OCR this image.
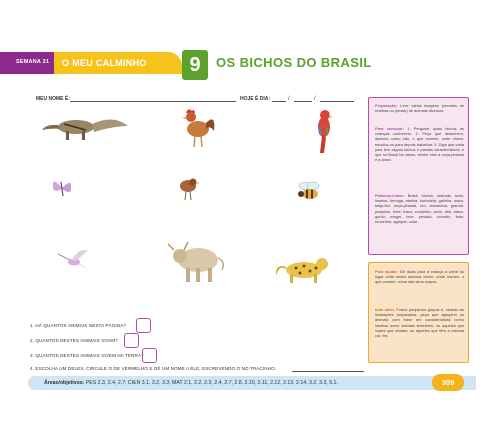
SEMANA 31 O MEU CALMINHO	9	OS BICHOS DO BRASIL
MEU NOME É:	HOJE É DIA:	/	/
1. HÁ QUANTOS ANIMAIS NESTA PÁGINA?
2. QUANTOS DESTES ANIMAIS VOAM?
3. QUANTOS DESTES ANIMAIS VIVEM NA TERRA?
4. ESCOLHA UM DELES, CIRCULE O DE VERMELHO E DÊ UM NOME A ELE, ESCREVENDO O NO TRACINHO.
Áreas/objetivos: PES 2.3, 2.4, 2.7; CIEN 3.1, 3.2, 3.3; MAT 2.1, 2.2, 2.3, 2.4, 2.7, 2.8, 2.10, 2.11, 2.12, 2.13, 2.14, 3.2, 3.3, 5.1.	309
Preparação: Leve várias imagens (recortes de revistas ou jornais) de animais diversos.
Para começar: 1. Pergunte quais bichos as crianças conhecem. 2. Peça que desenhem, dizendo como são, o que comem, onde vivem; escolha-os para depois trabalhar. 3. Diga que cada país tem alguns bichos e plantas característicos, e que no Brasil há vários, dentre eles a onça-pintada e a arara.
Palavras-chave: Brasil, bichos, animais, aves, insetos, formiga, abelha, borboleta, galinha, arara, beija-flor, onça-pintada, boi, tamanduá, grande, pequeno, forte, fraco, comprido, curto, alto, baixo, gordo, magro, leve, pesado, colorido, falar, encontrar, agrupar, colar.
Para ajudar: Dê dicas para a criança a partir do lugar onde esses animais vivem, onde moram, o que comem, como são seus corpos.
Indo além: Forme pequenos grupos e, usando as ilustrações preparadas, peça que agrupem os animais com base em características como insetos/ aves/ animais terrestres; ou aqueles que voam/ que andam; ou aqueles que têm a mesma cor, etc.
